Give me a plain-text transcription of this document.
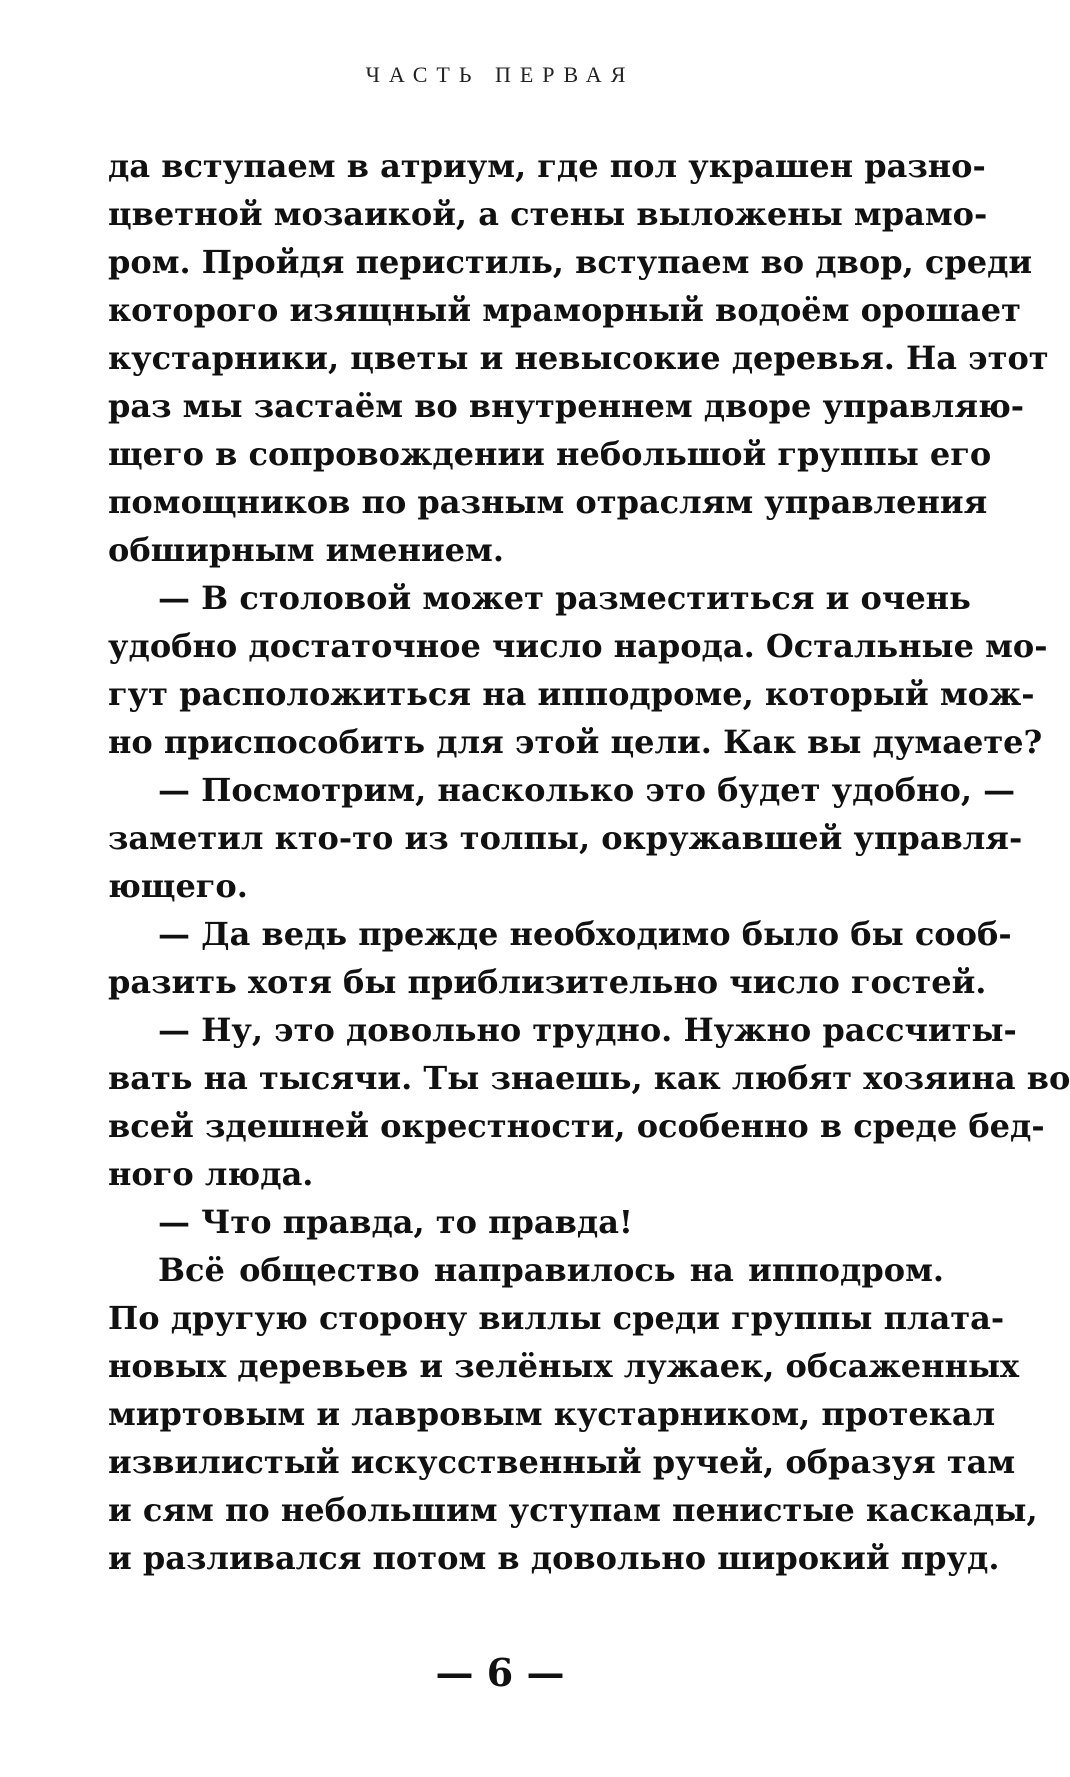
ЧАСТЬ ПЕРВАЯ
да вступаем в атриум, где пол украшен разно-
цветной мозаикой, а стены выложены мрамо-
ром. Пройдя перистиль, вступаем во двор, среди
которого изящный мраморный водоём орошает
кустарники, цветы и невысокие деревья. На этот
раз мы застаём во внутреннем дворе управляю-
щего в сопровождении небольшой группы его
помощников по разным отраслям управления
обширным имением.
— В столовой может разместиться и очень
удобно достаточное число народа. Остальные мо-
гут расположиться на ипподроме, который мож-
но приспособить для этой цели. Как вы думаете?
— Посмотрим, насколько это будет удобно, —
заметил кто-то из толпы, окружавшей управля-
ющего.
— Да ведь прежде необходимо было бы сооб-
разить хотя бы приблизительно число гостей.
— Ну, это довольно трудно. Нужно рассчиты-
вать на тысячи. Ты знаешь, как любят хозяина во
всей здешней окрестности, особенно в среде бед-
ного люда.
— Что правда, то правда!
Всё общество направилось на ипподром.
По другую сторону виллы среди группы плата-
новых деревьев и зелёных лужаек, обсаженных
миртовым и лавровым кустарником, протекал
извилистый искусственный ручей, образуя там
и сям по небольшим уступам пенистые каскады,
и разливался потом в довольно широкий пруд.
— 6 —
